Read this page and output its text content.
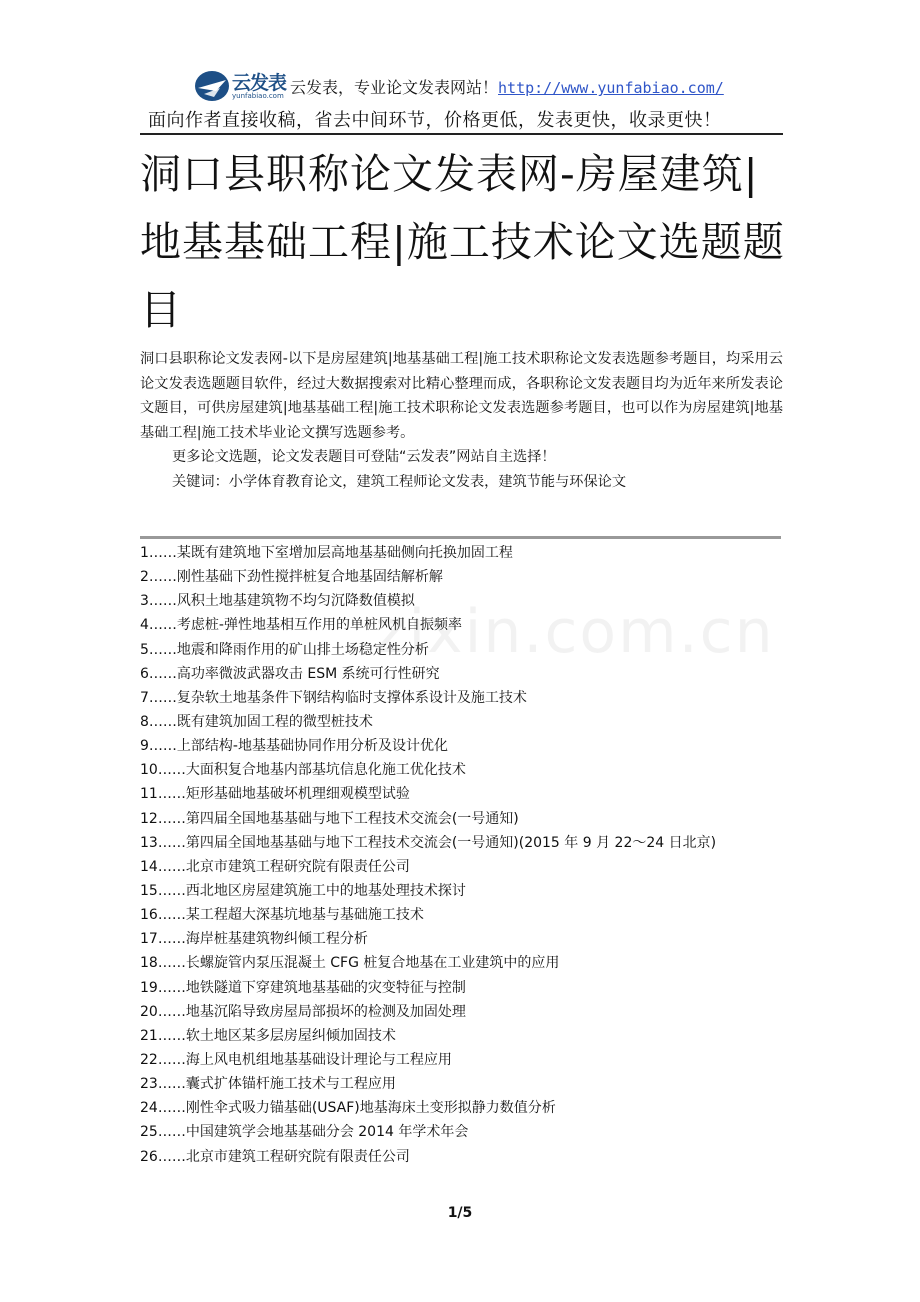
云发表
yunfabiao.com 云发表，专业论文发表网站！http://www.yunfabiao.com/
面向作者直接收稿，省去中间环节，价格更低，发表更快，收录更快！
洞口县职称论文发表网-房屋建筑|地基基础工程|施工技术论文选题题目

洞口县职称论文发表网-以下是房屋建筑|地基基础工程|施工技术职称论文发表选题参考题目，均采用云论文发表选题题目软件，经过大数据搜索对比精心整理而成，各职称论文发表题目均为近年来所发表论文题目，可供房屋建筑|地基基础工程|施工技术职称论文发表选题参考题目，也可以作为房屋建筑|地基基础工程|施工技术毕业论文撰写选题参考。

更多论文选题，论文发表题目可登陆“云发表”网站自主选择！
关键词：小学体育教育论文，建筑工程师论文发表，建筑节能与环保论文
zixin.com.cn
1……某既有建筑地下室增加层高地基基础侧向托换加固工程
2……刚性基础下劲性搅拌桩复合地基固结解析解
3……风积土地基建筑物不均匀沉降数值模拟
4……考虑桩-弹性地基相互作用的单桩风机自振频率
5……地震和降雨作用的矿山排土场稳定性分析
6……高功率微波武器攻击 ESM 系统可行性研究
7……复杂软土地基条件下钢结构临时支撑体系设计及施工技术
8……既有建筑加固工程的微型桩技术
9……上部结构-地基基础协同作用分析及设计优化
10……大面积复合地基内部基坑信息化施工优化技术
11……矩形基础地基破坏机理细观模型试验
12……第四届全国地基基础与地下工程技术交流会(一号通知)
13……第四届全国地基基础与地下工程技术交流会(一号通知)(2015 年 9 月 22～24 日北京)
14……北京市建筑工程研究院有限责任公司
15……西北地区房屋建筑施工中的地基处理技术探讨
16……某工程超大深基坑地基与基础施工技术
17……海岸桩基建筑物纠倾工程分析
18……长螺旋管内泵压混凝土 CFG 桩复合地基在工业建筑中的应用
19……地铁隧道下穿建筑地基基础的灾变特征与控制
20……地基沉陷导致房屋局部损坏的检测及加固处理
21……软土地区某多层房屋纠倾加固技术
22……海上风电机组地基基础设计理论与工程应用
23……囊式扩体锚杆施工技术与工程应用
24……刚性伞式吸力锚基础(USAF)地基海床土变形拟静力数值分析
25……中国建筑学会地基基础分会 2014 年学术年会
26……北京市建筑工程研究院有限责任公司
1/5
